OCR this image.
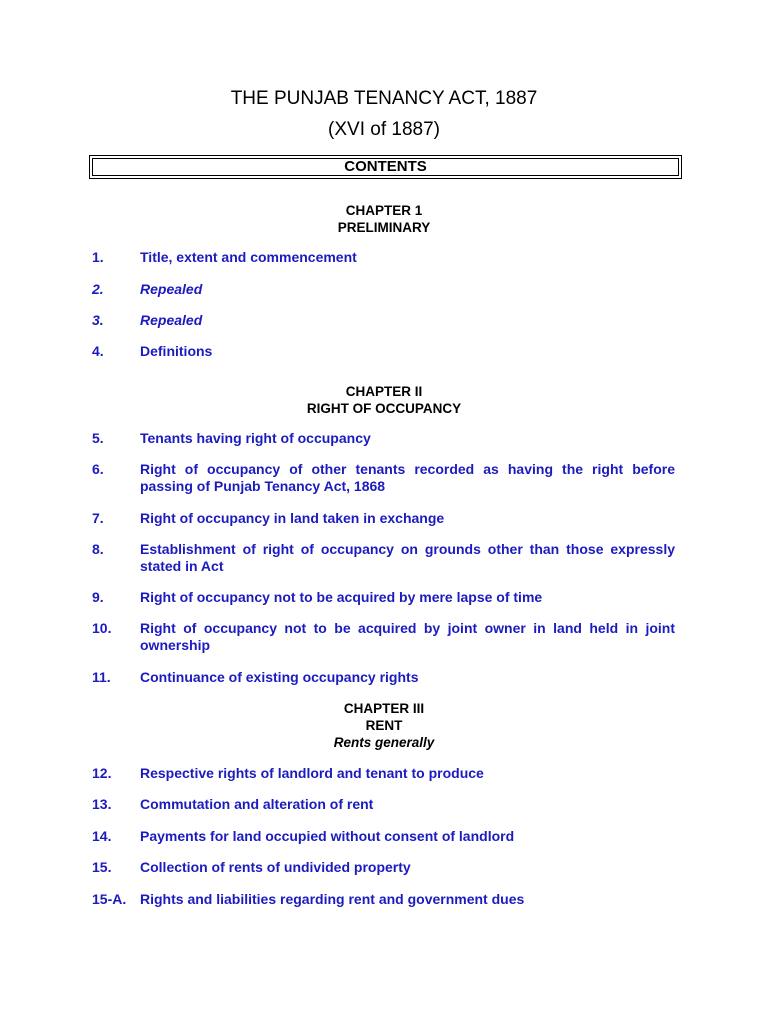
THE PUNJAB TENANCY ACT, 1887
(XVI of 1887)
CONTENTS
CHAPTER 1
PRELIMINARY
1.	Title, extent and commencement
2.	Repealed
3.	Repealed
4.	Definitions
CHAPTER II
RIGHT OF OCCUPANCY
5.	Tenants having right of occupancy
6.	Right of occupancy of other tenants recorded as having the right before passing of Punjab Tenancy Act, 1868
7.	Right of occupancy in land taken in exchange
8.	Establishment of right of occupancy on grounds other than those expressly stated in Act
9.	Right of occupancy not to be acquired by mere lapse of time
10. Right of occupancy not to be acquired by joint owner in land held in joint ownership
11. Continuance of existing occupancy rights
CHAPTER III
RENT
Rents generally
12. Respective rights of landlord and tenant to produce
13. Commutation and alteration of rent
14. Payments for land occupied without consent of landlord
15. Collection of rents of undivided property
15-A. Rights and liabilities regarding rent and government dues
